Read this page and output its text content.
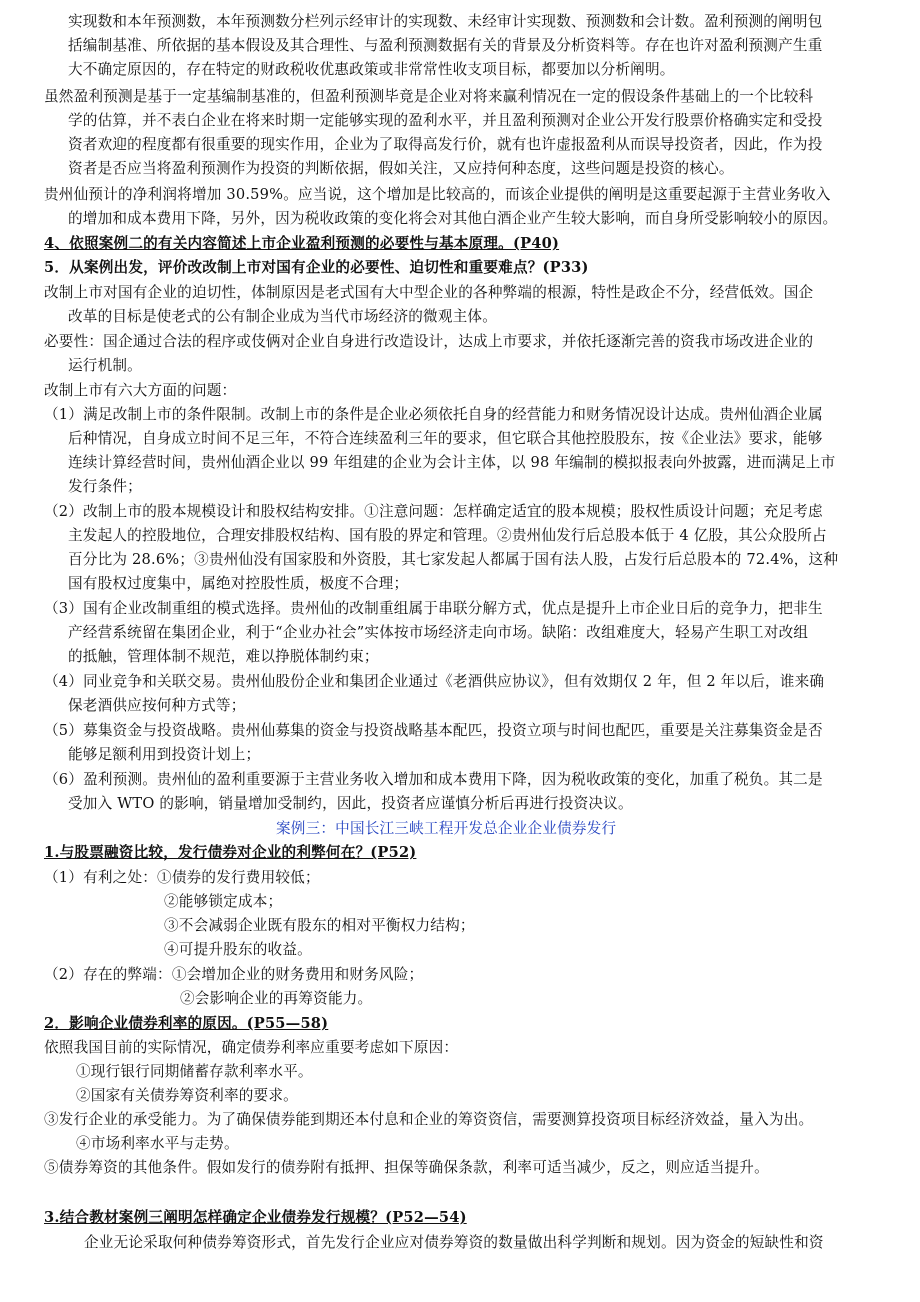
实现数和本年预测数，本年预测数分栏列示经审计的实现数、未经审计实现数、预测数和会计数。盈利预测的阐明包
括编制基准、所依据的基本假设及其合理性、与盈利预测数据有关的背景及分析资料等。存在也许对盈利预测产生重
大不确定原因的，存在特定的财政税收优惠政策或非常常性收支项目标，都要加以分析阐明。
虽然盈利预测是基于一定基编制基准的，但盈利预测毕竟是企业对将来赢利情况在一定的假设条件基础上的一个比较科
学的估算，并不表白企业在将来时期一定能够实现的盈利水平，并且盈利预测对企业公开发行股票价格确实定和受投
资者欢迎的程度都有很重要的现实作用，企业为了取得高发行价，就有也许虚报盈利从而误导投资者，因此，作为投
资者是否应当将盈利预测作为投资的判断依据，假如关注，又应持何种态度，这些问题是投资的核心。
贵州仙预计的净利润将增加 30.59%。应当说，这个增加是比较高的，而该企业提供的阐明是这重要起源于主营业务收入
的增加和成本费用下降，另外，因为税收政策的变化将会对其他白酒企业产生较大影响，而自身所受影响较小的原因。
4、依照案例二的有关内容简述上市企业盈利预测的必要性与基本原理。(P40)
5．从案例出发，评价改改制上市对国有企业的必要性、迫切性和重要难点？(P33)
改制上市对国有企业的迫切性，体制原因是老式国有大中型企业的各种弊端的根源，特性是政企不分，经营低效。国企
改革的目标是使老式的公有制企业成为当代市场经济的微观主体。
必要性：国企通过合法的程序或伎俩对企业自身进行改造设计，达成上市要求，并依托逐渐完善的资我市场改进企业的
运行机制。
改制上市有六大方面的问题：
（1）满足改制上市的条件限制。改制上市的条件是企业必须依托自身的经营能力和财务情况设计达成。贵州仙酒企业属
后种情况，自身成立时间不足三年，不符合连续盈利三年的要求，但它联合其他控股股东，按《企业法》要求，能够
连续计算经营时间，贵州仙酒企业以 99 年组建的企业为会计主体，以 98 年编制的模拟报表向外披露，进而满足上市
发行条件；
（2）改制上市的股本规模设计和股权结构安排。①注意问题：怎样确定适宜的股本规模；股权性质设计问题；充足考虑
主发起人的控股地位，合理安排股权结构、国有股的界定和管理。②贵州仙发行后总股本低于 4 亿股，其公众股所占
百分比为 28.6%；③贵州仙没有国家股和外资股，其七家发起人都属于国有法人股，占发行后总股本的 72.4%，这种
国有股权过度集中，属绝对控股性质，极度不合理；
（3）国有企业改制重组的模式选择。贵州仙的改制重组属于串联分解方式，优点是提升上市企业日后的竞争力，把非生
产经营系统留在集团企业，利于“企业办社会”实体按市场经济走向市场。缺陷：改组难度大，轻易产生职工对改组
的抵触，管理体制不规范，难以挣脱体制约束；
（4）同业竞争和关联交易。贵州仙股份企业和集团企业通过《老酒供应协议》，但有效期仅 2 年，但 2 年以后，谁来确
保老酒供应按何种方式等；
（5）募集资金与投资战略。贵州仙募集的资金与投资战略基本配匹，投资立项与时间也配匹，重要是关注募集资金是否
能够足额利用到投资计划上；
（6）盈利预测。贵州仙的盈利重要源于主营业务收入增加和成本费用下降，因为税收政策的变化，加重了税负。其二是
受加入 WTO 的影响，销量增加受制约，因此，投资者应谨慎分析后再进行投资决议。
案例三：中国长江三峡工程开发总企业企业债券发行
1.与股票融资比较，发行债券对企业的利弊何在？(P52)
（1）有利之处：①债券的发行费用较低；
②能够锁定成本；
③不会减弱企业既有股东的相对平衡权力结构；
④可提升股东的收益。
（2）存在的弊端：①会增加企业的财务费用和财务风险；
②会影响企业的再筹资能力。
2．影响企业债券利率的原因。(P55—58)
依照我国目前的实际情况，确定债券利率应重要考虑如下原因：
①现行银行同期储蓄存款利率水平。
②国家有关债券筹资利率的要求。
③发行企业的承受能力。为了确保债券能到期还本付息和企业的筹资资信，需要测算投资项目标经济效益，量入为出。
④市场利率水平与走势。
⑤债券筹资的其他条件。假如发行的债券附有抵押、担保等确保条款，利率可适当减少，反之，则应适当提升。
3.结合教材案例三阐明怎样确定企业债券发行规模？(P52—54)
企业无论采取何种债券筹资形式，首先发行企业应对债券筹资的数量做出科学判断和规划。因为资金的短缺性和资
